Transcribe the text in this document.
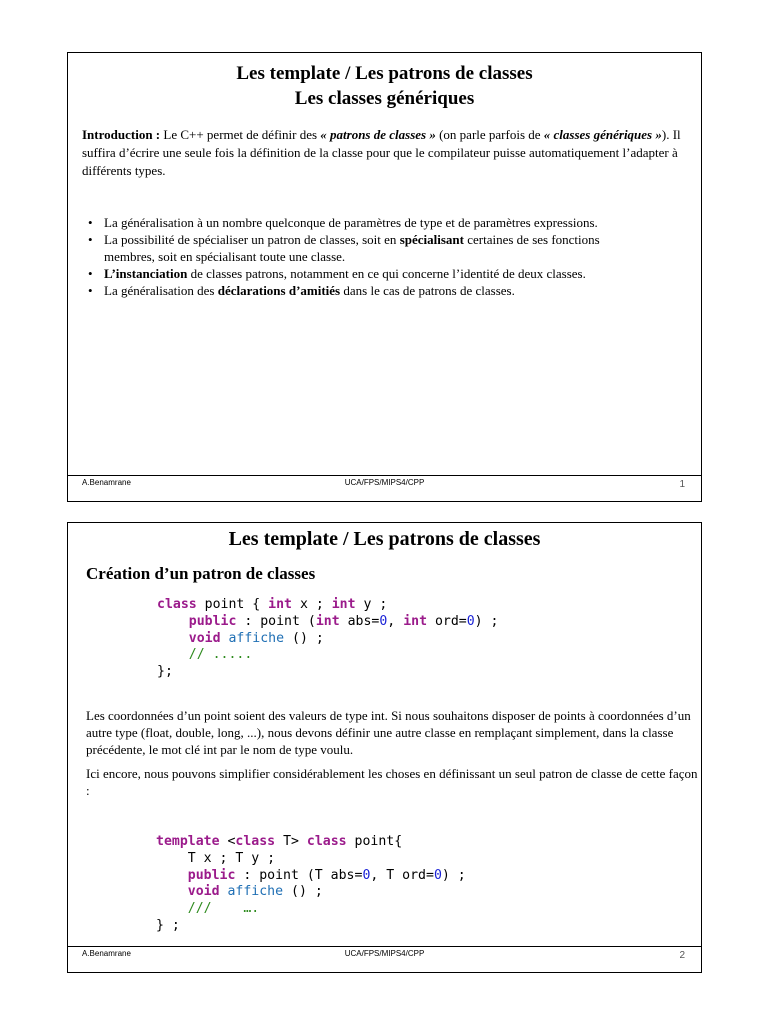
Les template / Les patrons de classes
Les classes génériques
Introduction : Le C++ permet de définir des « patrons de classes » (on parle parfois de « classes génériques »). Il suffira d’écrire une seule fois la définition de la classe pour que le compilateur puisse automatiquement l’adapter à différents types.
• La généralisation à un nombre quelconque de paramètres de type et de paramètres expressions.
• La possibilité de spécialiser un patron de classes, soit en spécialisant certaines de ses fonctions membres, soit en spécialisant toute une classe.
• L’instanciation de classes patrons, notamment en ce qui concerne l’identité de deux classes.
• La généralisation des déclarations d’amitiés dans le cas de patrons de classes.
A.Benamrane	UCA/FPS/MIPS4/CPP	1
Les template / Les patrons de classes
Création d’un patron de classes
class point { int x ; int y ;
public : point (int abs=0, int ord=0) ;
void affiche () ;
// .....
};

Les coordonnées d’un point soient des valeurs de type int. Si nous souhaitons disposer de points à coordonnées d’un autre type (float, double, long, ...), nous devons définir une autre classe en remplaçant simplement, dans la classe précédente, le mot clé int par le nom de type voulu.

Ici encore, nous pouvons simplifier considérablement les choses en définissant un seul patron de classe de cette façon :

template <class T> class point{
T x ; T y ;
public : point (T abs=0, T ord=0) ;
void affiche () ;
///    ….
} ;
A.Benamrane	UCA/FPS/MIPS4/CPP	2
